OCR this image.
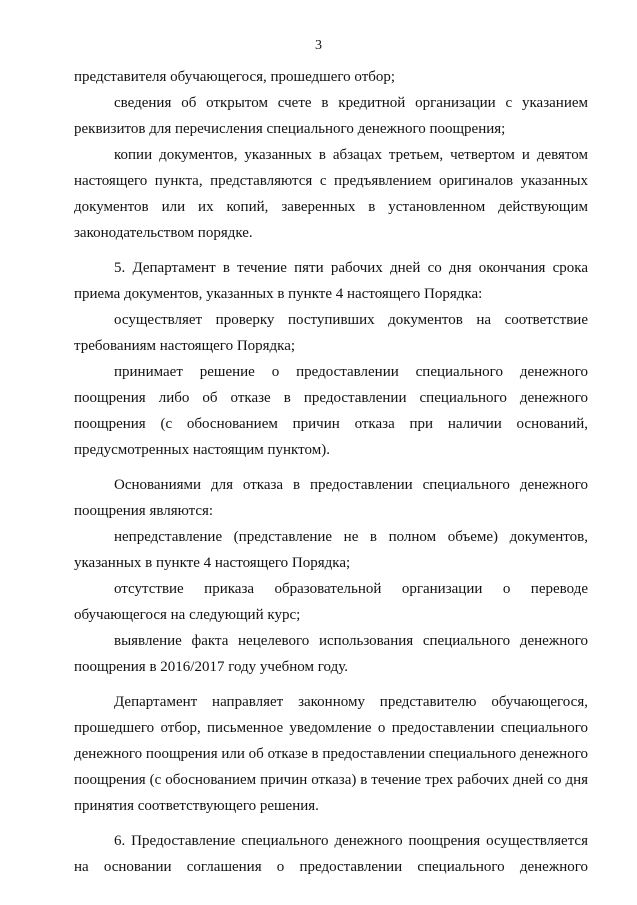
3

представителя обучающегося, прошедшего отбор;

сведения об открытом счете в кредитной организации с указанием реквизитов для перечисления специального денежного поощрения;

копии документов, указанных в абзацах третьем, четвертом и девятом настоящего пункта, представляются с предъявлением оригиналов указанных документов или их копий, заверенных в установленном действующим законодательством порядке.

5. Департамент в течение пяти рабочих дней со дня окончания срока приема документов, указанных в пункте 4 настоящего Порядка:

осуществляет проверку поступивших документов на соответствие требованиям настоящего Порядка;

принимает решение о предоставлении специального денежного поощрения либо об отказе в предоставлении специального денежного поощрения (с обоснованием причин отказа при наличии оснований, предусмотренных настоящим пунктом).

Основаниями для отказа в предоставлении специального денежного поощрения являются:

непредставление (представление не в полном объеме) документов, указанных в пункте 4 настоящего Порядка;

отсутствие приказа образовательной организации о переводе обучающегося на следующий курс;

выявление факта нецелевого использования специального денежного поощрения в 2016/2017 году учебном году.

Департамент направляет законному представителю обучающегося, прошедшего отбор, письменное уведомление о предоставлении специального денежного поощрения или об отказе в предоставлении специального денежного поощрения (с обоснованием причин отказа) в течение трех рабочих дней со дня принятия соответствующего решения.

6. Предоставление специального денежного поощрения осуществляется на основании соглашения о предоставлении специального денежного
